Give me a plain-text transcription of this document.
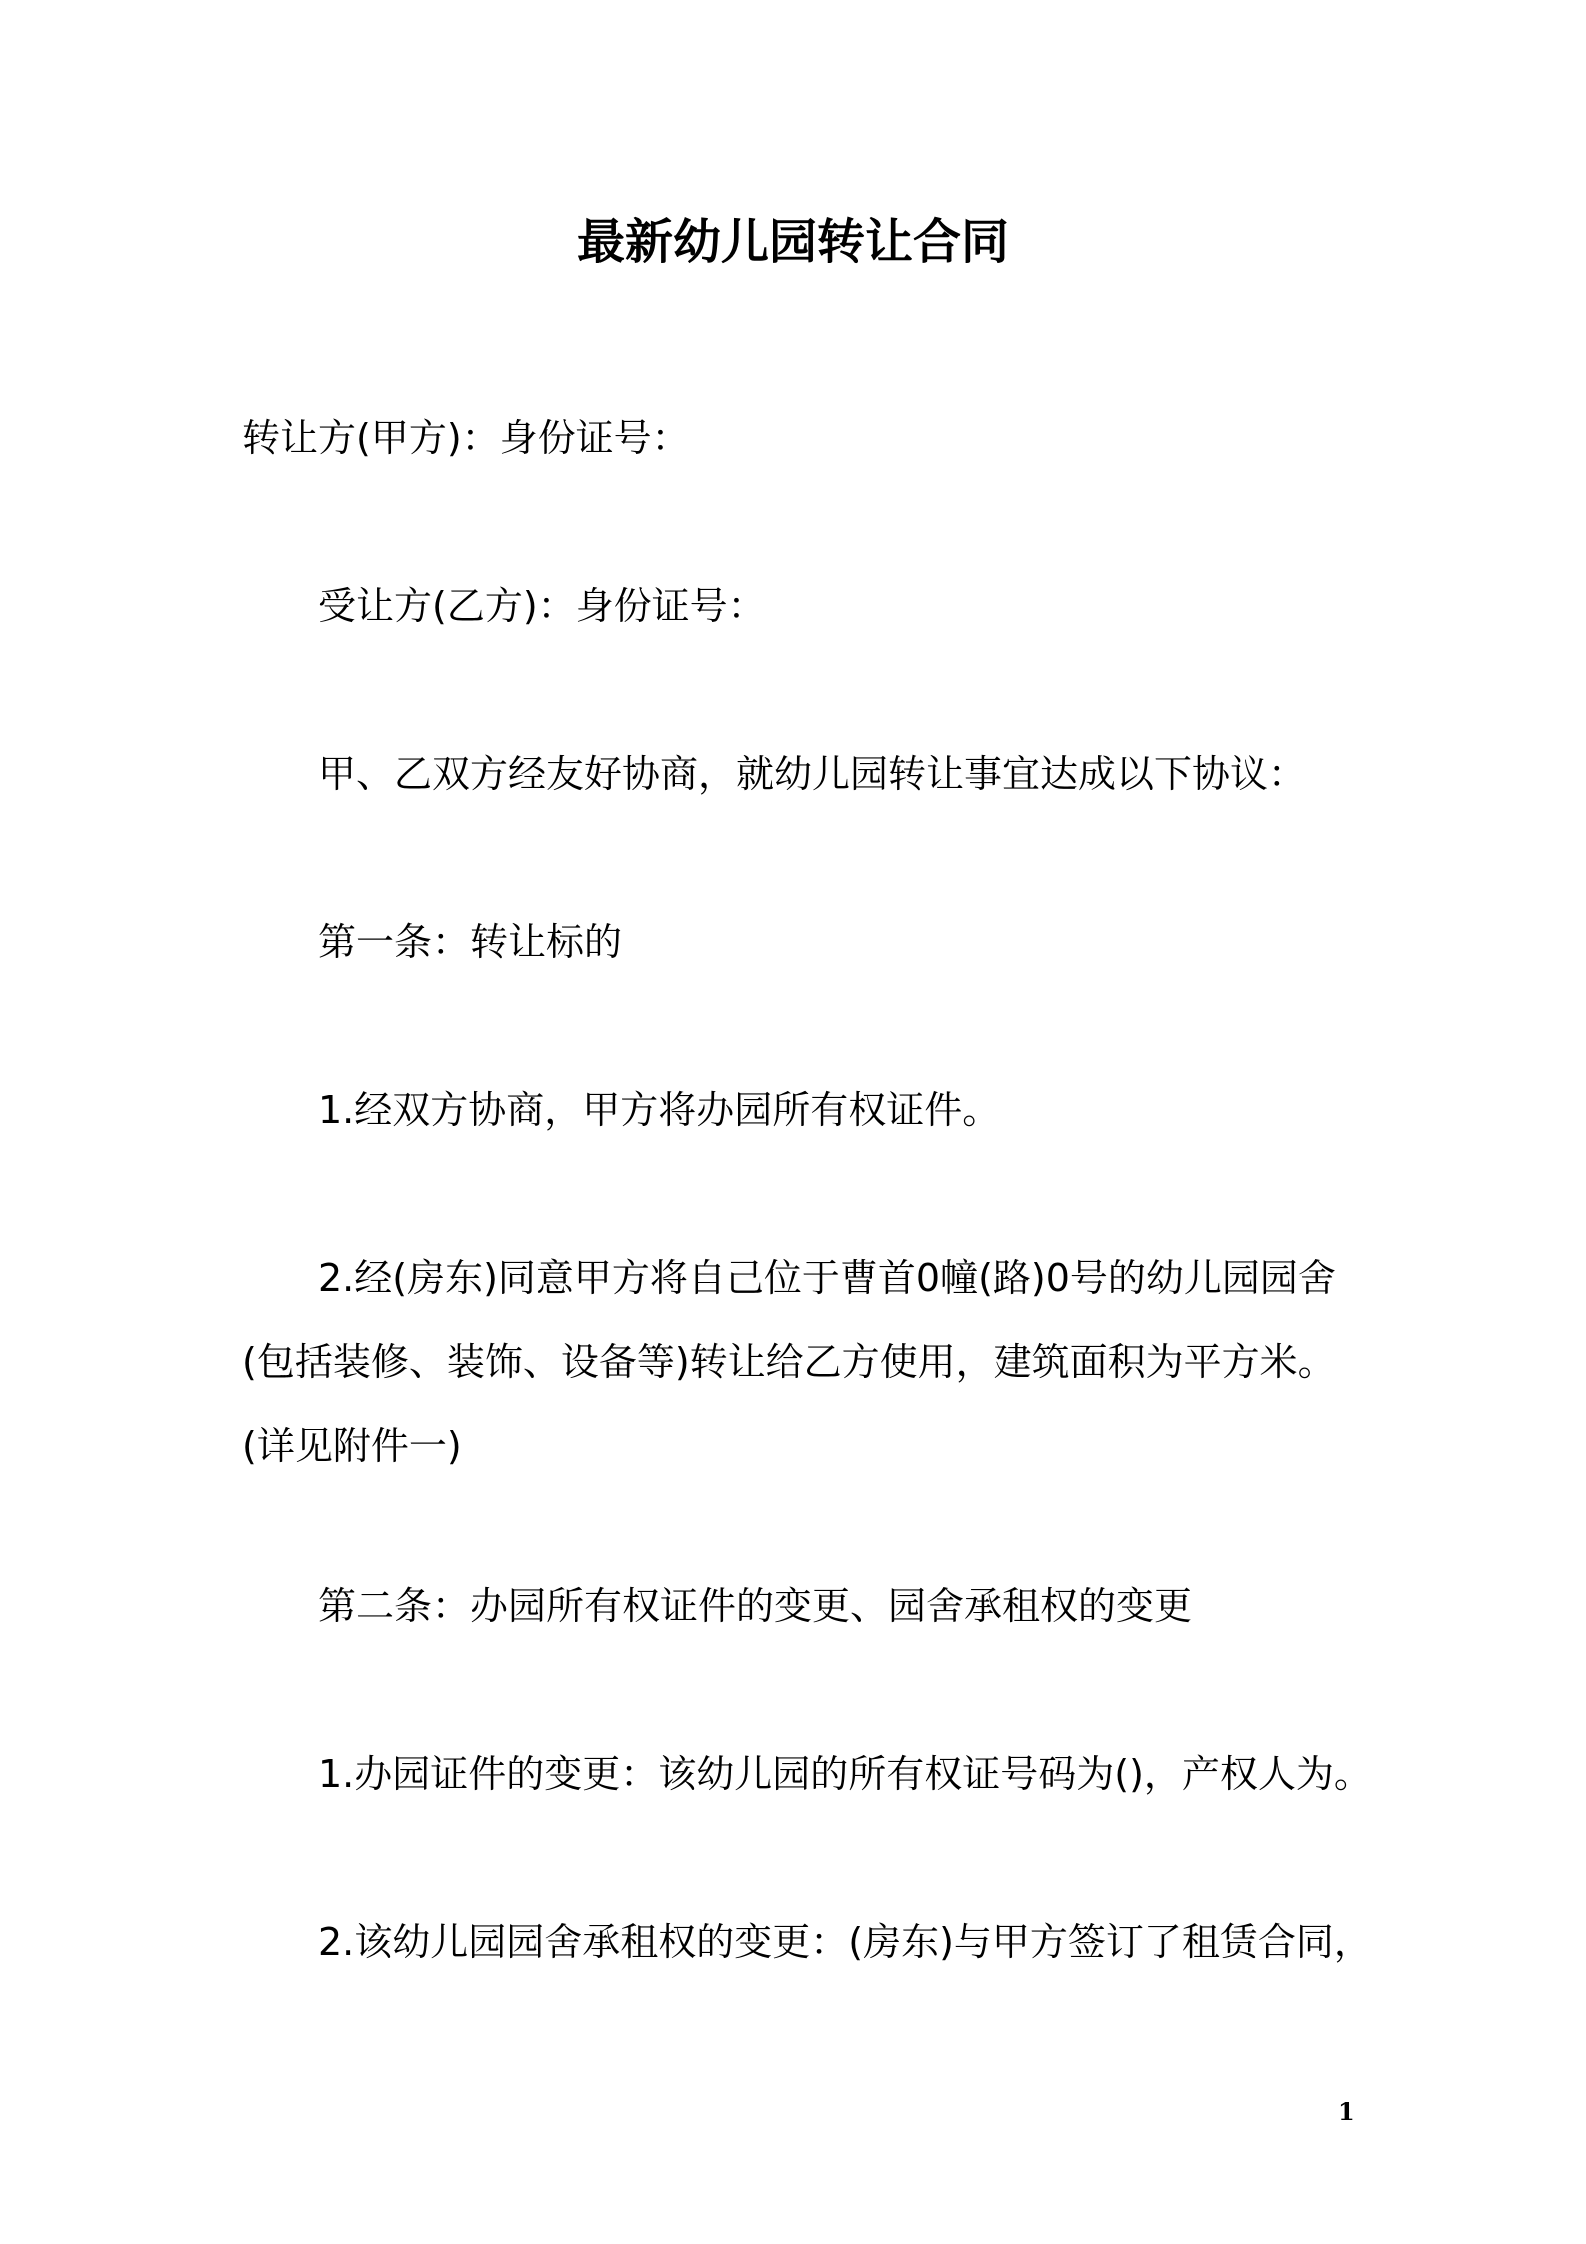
最新幼儿园转让合同
转让方(甲方)：身份证号：
受让方(乙方)：身份证号：
甲、乙双方经友好协商，就幼儿园转让事宜达成以下协议：
第一条：转让标的
1.经双方协商，甲方将办园所有权证件。
2.经(房东)同意甲方将自己位于曹首0幢(路)0号的幼儿园园舍(包括装修、装饰、设备等)转让给乙方使用，建筑面积为平方米。(详见附件一)
第二条：办园所有权证件的变更、园舍承租权的变更
1.办园证件的变更：该幼儿园的所有权证号码为()，产权人为。
2.该幼儿园园舍承租权的变更：(房东)与甲方签订了租赁合同，
1
